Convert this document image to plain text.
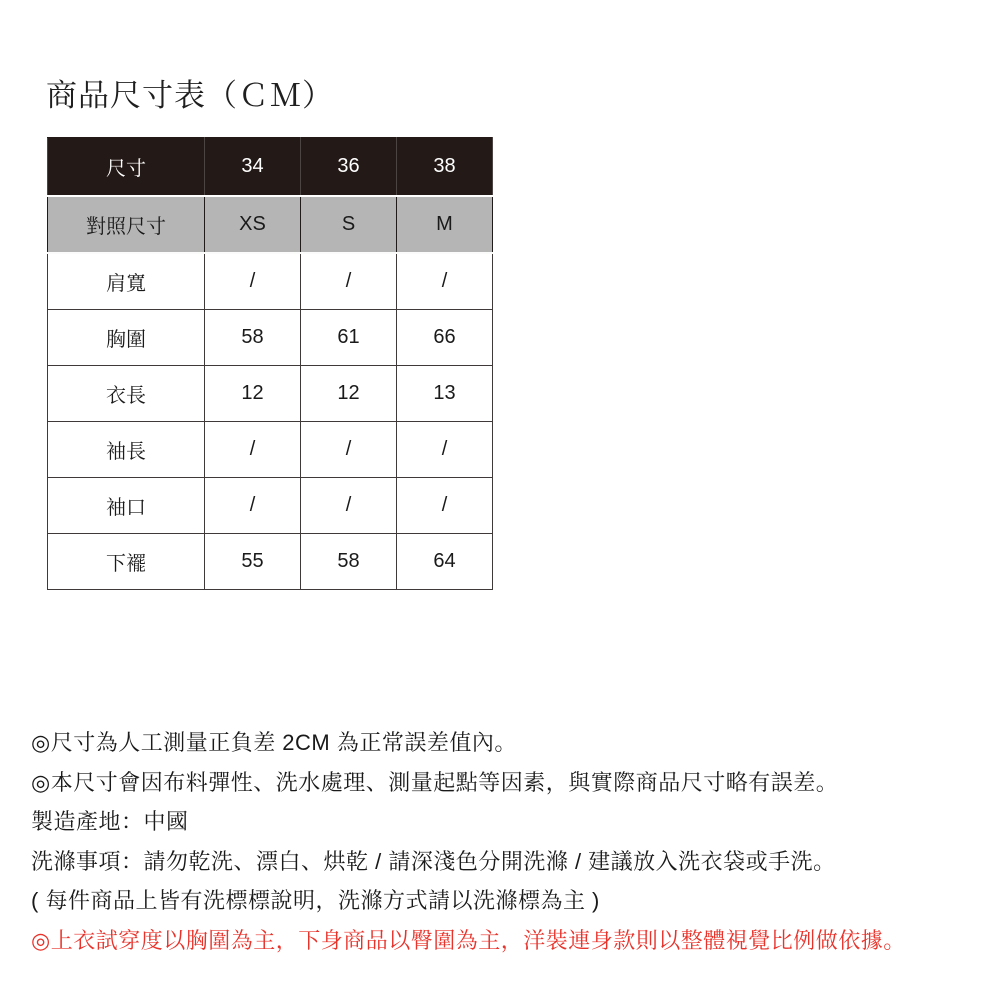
商品尺寸表（ＣＭ）
尺寸	34	36	38
對照尺寸	XS	S	M
肩寬	/	/	/
胸圍	58	61	66
衣長	12	12	13
袖長	/	/	/
袖口	/	/	/
下襬	55	58	64

◎尺寸為人工測量正負差 2CM 為正常誤差值內。

◎本尺寸會因布料彈性、洗水處理、測量起點等因素，與實際商品尺寸略有誤差。

製造產地：中國

洗滌事項：請勿乾洗、漂白、烘乾 / 請深淺色分開洗滌 / 建議放入洗衣袋或手洗。

( 每件商品上皆有洗標標說明，洗滌方式請以洗滌標為主 )

◎上衣試穿度以胸圍為主，下身商品以臀圍為主，洋裝連身款則以整體視覺比例做依據。
